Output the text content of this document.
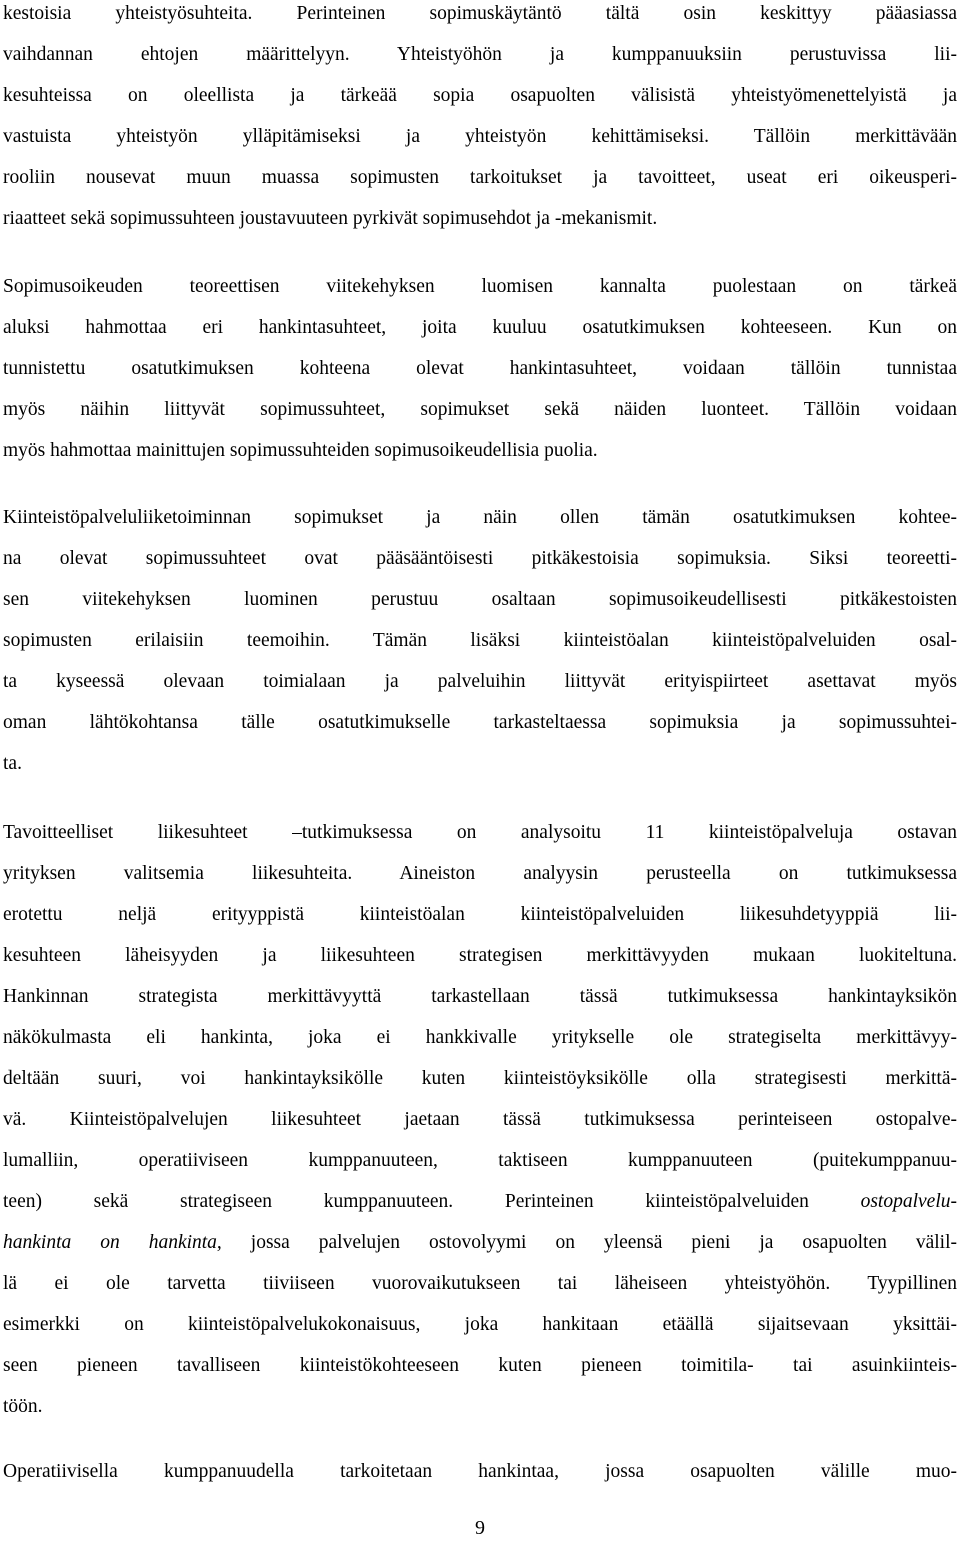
kestoisia yhteistyösuhteita. Perinteinen sopimuskäytäntö tältä osin keskittyy pääasiassa
vaihdannan ehtojen määrittelyyn. Yhteistyöhön ja kumppanuuksiin perustuvissa lii-
kesuhteissa on oleellista ja tärkeää sopia osapuolten välisistä yhteistyömenettelyistä ja
vastuista yhteistyön ylläpitämiseksi ja yhteistyön kehittämiseksi. Tällöin merkittävään
rooliin nousevat muun muassa sopimusten tarkoitukset ja tavoitteet, useat eri oikeusperi-
riaatteet sekä sopimussuhteen joustavuuteen pyrkivät sopimusehdot ja -mekanismit.
Sopimusoikeuden teoreettisen viitekehyksen luomisen kannalta puolestaan on tärkeä
aluksi hahmottaa eri hankintasuhteet, joita kuuluu osatutkimuksen kohteeseen. Kun on
tunnistettu osatutkimuksen kohteena olevat hankintasuhteet, voidaan tällöin tunnistaa
myös näihin liittyvät sopimussuhteet, sopimukset sekä näiden luonteet. Tällöin voidaan
myös hahmottaa mainittujen sopimussuhteiden sopimusoikeudellisia puolia.
Kiinteistöpalveluliiketoiminnan sopimukset ja näin ollen tämän osatutkimuksen kohtee-
na olevat sopimussuhteet ovat pääsääntöisesti pitkäkestoisia sopimuksia. Siksi teoreetti-
sen viitekehyksen luominen perustuu osaltaan sopimusoikeudellisesti pitkäkestoisten
sopimusten erilaisiin teemoihin. Tämän lisäksi kiinteistöalan kiinteistöpalveluiden osal-
ta kyseessä olevaan toimialaan ja palveluihin liittyvät erityispiirteet asettavat myös
oman lähtökohtansa tälle osatutkimukselle tarkasteltaessa sopimuksia ja sopimussuhtei-
ta.
Tavoitteelliset liikesuhteet –tutkimuksessa on analysoitu 11 kiinteistöpalveluja ostavan
yrityksen valitsemia liikesuhteita. Aineiston analyysin perusteella on tutkimuksessa
erotettu neljä erityyppistä kiinteistöalan kiinteistöpalveluiden liikesuhdetyyppiä lii-
kesuhteen läheisyyden ja liikesuhteen strategisen merkittävyyden mukaan luokiteltuna.
Hankinnan strategista merkittävyyttä tarkastellaan tässä tutkimuksessa hankintayksikön
näkökulmasta eli hankinta, joka ei hankkivalle yritykselle ole strategiselta merkittävyy-
deltään suuri, voi hankintayksikölle kuten kiinteistöyksikölle olla strategisesti merkittä-
vä. Kiinteistöpalvelujen liikesuhteet jaetaan tässä tutkimuksessa perinteiseen ostopalve-
lumalliin, operatiiviseen kumppanuuteen, taktiseen kumppanuuteen (puitekumppanuu-
teen) sekä strategiseen kumppanuuteen. Perinteinen kiinteistöpalveluiden ostopalvelu-
hankinta on hankinta, jossa palvelujen ostovolyymi on yleensä pieni ja osapuolten välil-
lä ei ole tarvetta tiiviiseen vuorovaikutukseen tai läheiseen yhteistyöhön. Tyypillinen
esimerkki on kiinteistöpalvelukokonaisuus, joka hankitaan etäällä sijaitsevaan yksittäi-
seen pieneen tavalliseen kiinteistökohteeseen kuten pieneen toimitila- tai asuinkiinteis-
töön.
Operatiivisella kumppanuudella tarkoitetaan hankintaa, jossa osapuolten välille muo-
9
